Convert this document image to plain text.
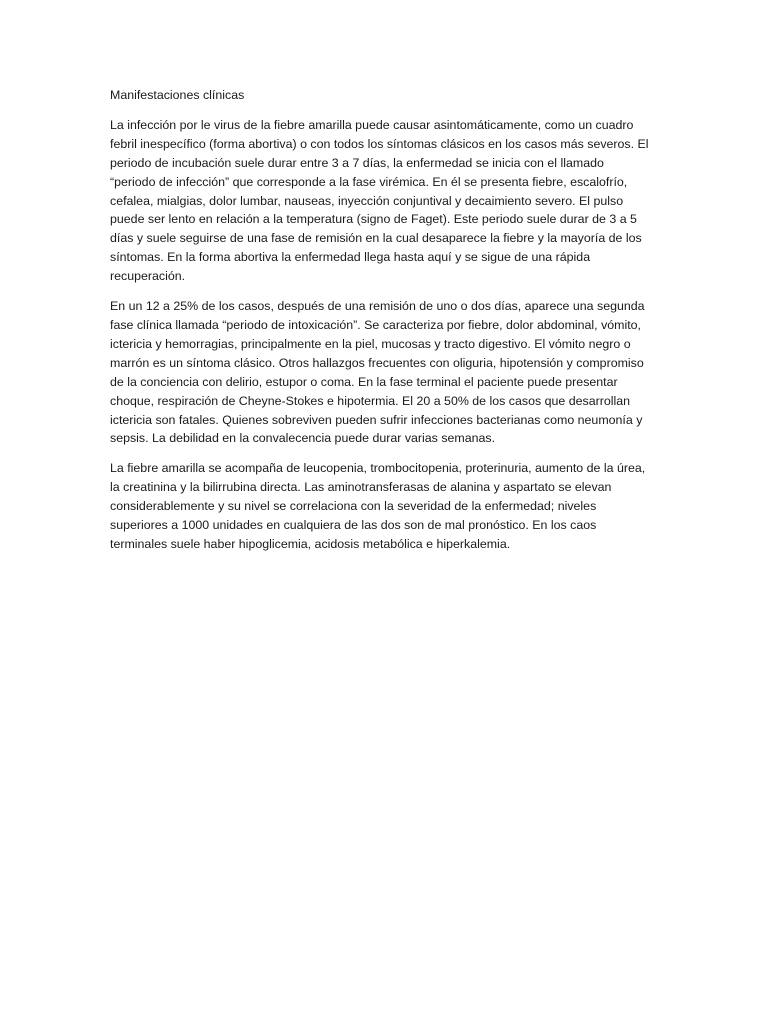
Manifestaciones clínicas

La infección por le virus de la fiebre amarilla puede causar asintomáticamente, como un cuadro febril inespecífico (forma abortiva) o con todos los síntomas clásicos en los casos más severos. El periodo de incubación suele durar entre 3 a 7 días, la enfermedad se inicia con el llamado “periodo de infección” que corresponde a la fase virémica. En él se presenta fiebre, escalofrío, cefalea, mialgias, dolor lumbar, nauseas, inyección conjuntival y decaimiento severo. El pulso puede ser lento en relación a la temperatura (signo de Faget). Este periodo suele durar de 3 a 5 días y suele seguirse de una fase de remisión en la cual desaparece la fiebre y la mayoría de los síntomas. En la forma abortiva la enfermedad llega hasta aquí y se sigue de una rápida recuperación.

En un 12 a 25% de los casos, después de una remisión de uno o dos días, aparece una segunda fase clínica llamada “periodo de intoxicación”. Se caracteriza por fiebre, dolor abdominal, vómito, ictericia y hemorragias, principalmente en la piel, mucosas y tracto digestivo. El vómito negro o marrón es un síntoma clásico. Otros hallazgos frecuentes con oliguria, hipotensión y compromiso de la conciencia con delirio, estupor o coma. En la fase terminal el paciente puede presentar choque, respiración de Cheyne-Stokes e hipotermia. El 20 a 50% de los casos que desarrollan ictericia son fatales. Quienes sobreviven pueden sufrir infecciones bacterianas como neumonía y sepsis. La debilidad en la convalecencia puede durar varias semanas.

La fiebre amarilla se acompaña de leucopenia, trombocitopenia, proterinuria, aumento de la úrea, la creatinina y la bilirrubina directa. Las aminotransferasas de alanina y aspartato se elevan considerablemente y su nivel se correlaciona con la severidad de la enfermedad; niveles superiores a 1000 unidades en cualquiera de las dos son de mal pronóstico. En los caos terminales suele haber hipoglicemia, acidosis metabólica e hiperkalemia.
